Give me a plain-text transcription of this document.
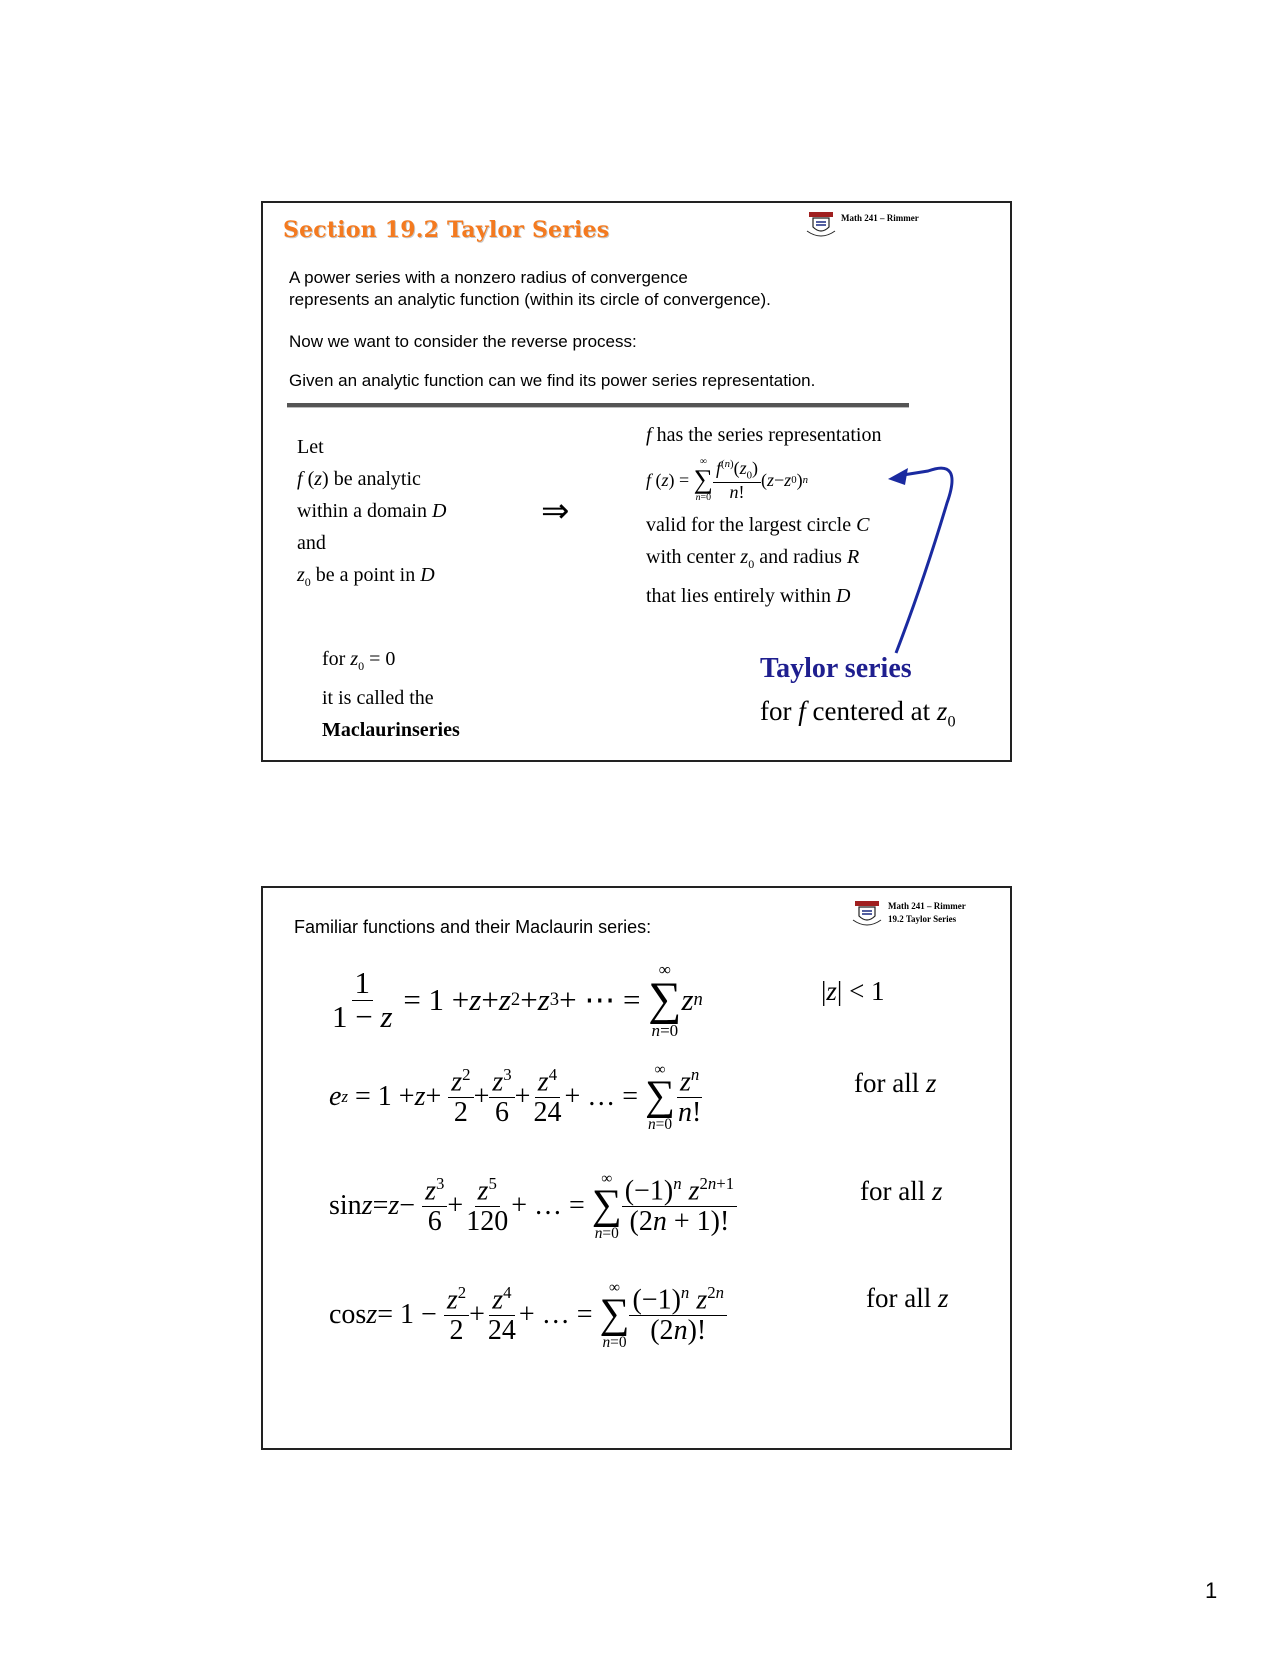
Math 241 – Rimmer
Section 19.2 Taylor Series
A power series with a nonzero radius of convergence
represents an analytic function (within its circle of convergence).
Now we want to consider the reverse process:
Given an analytic function can we find its power series representation.
Let
f (z) be analytic
within a domain D
and
$z_0$ be a point in D
⇒
f has the series representation
f ( z ) =
∞
∑
$n=0 \frac{f^{(n)}(z_0)}{n!}$ ( z − z 0 ) n
valid for the largest circle C
with center $z_0$ and radius R
that lies entirely within D
for $z_0 = 0$
it is called the
Maclaurinseries
Taylor series
for f centered at $z_0$
Math 241 – Rimmer
19.2 Taylor Series
Familiar functions and their Maclaurin series:
$\frac{1}{1 - z} = 1 + z + z$ 2 + z 3 + ⋯ =
∞
∑
n=0
z n	|z| < 1
e $z = 1 + z + \frac{z^2}{2} + \frac{z^3}{6} + \frac{z^4}{24}$ + … =
∞
∑
$n=0 \frac{z^n}{n!}$	for all z
$\sin z = z - \frac{z^3}{6} + \frac{z^5}{120}$ + … =
∞
∑
$n=0 \frac{(-1)^n z^{2n+1}}{(2n + 1)!}$	for all z
$\cos z = 1 - \frac{z^2}{2} + \frac{z^4}{24}$ + … =
∞
∑
$n=0 \frac{(-1)^n z^{2n}}{(2n)!}$	for all z
1
